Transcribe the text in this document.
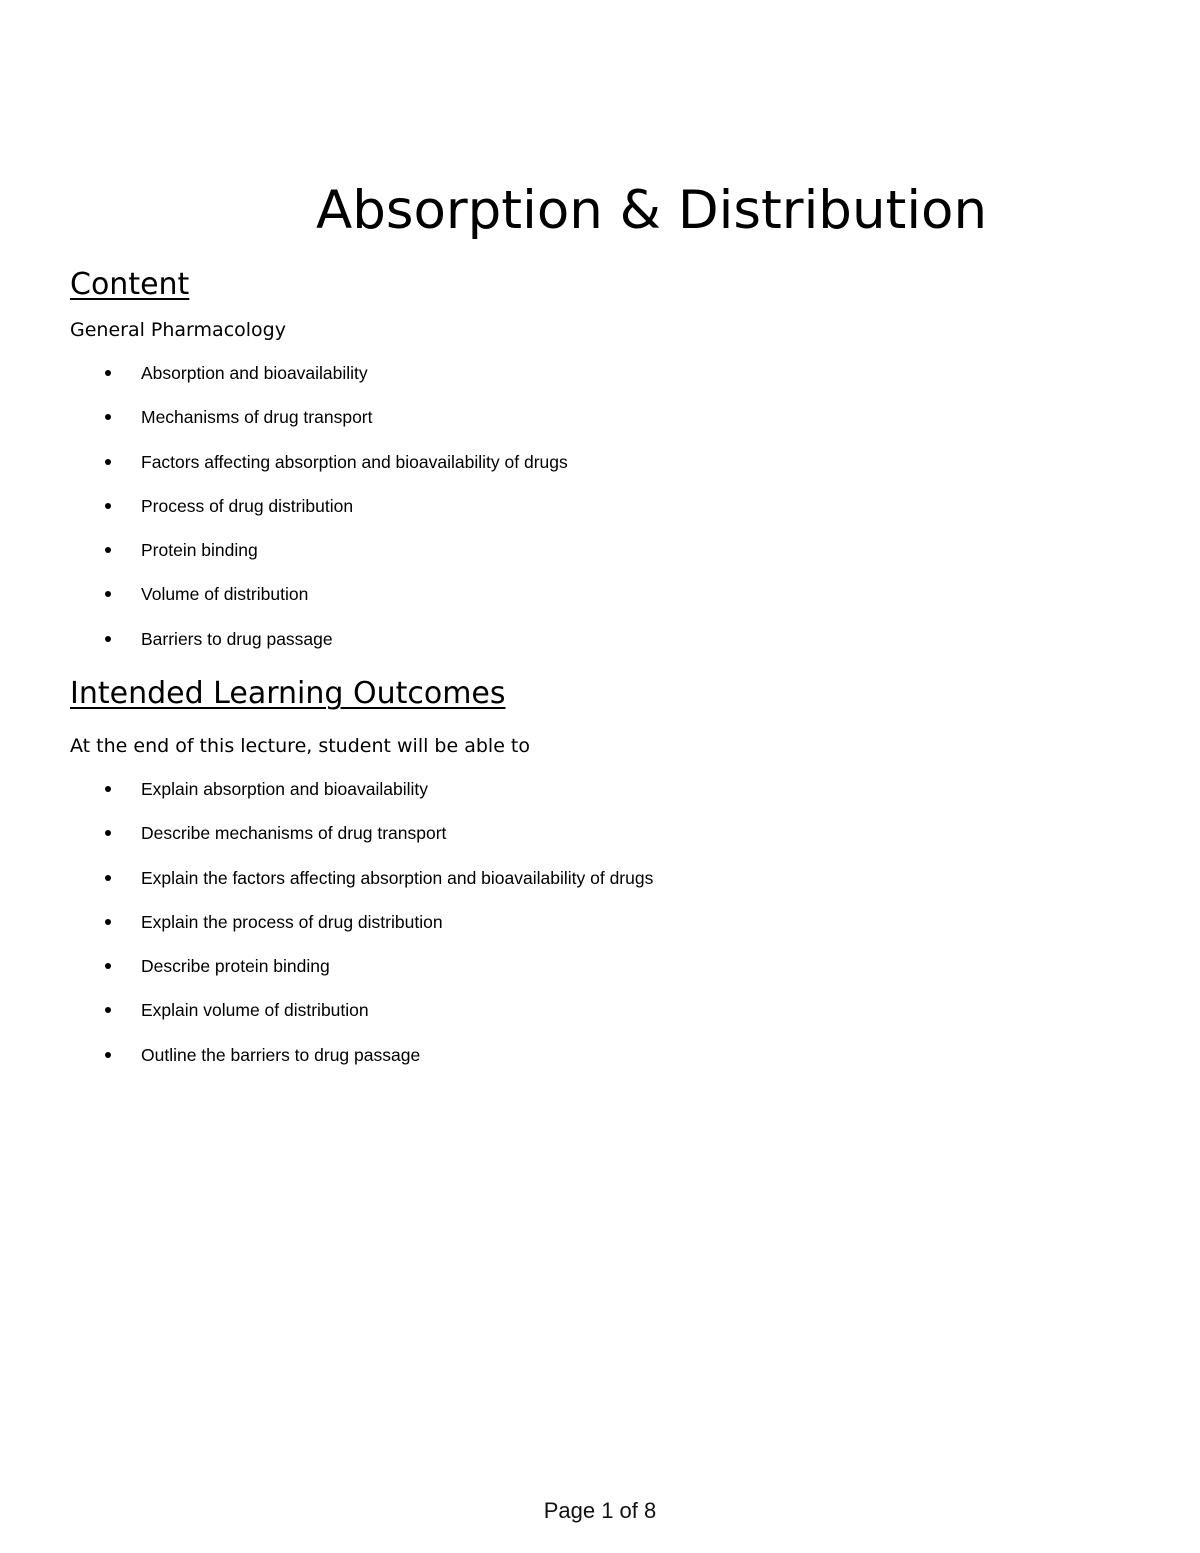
Absorption & Distribution
Content

General Pharmacology

Absorption and bioavailability
Mechanisms of drug transport
Factors affecting absorption and bioavailability of drugs
Process of drug distribution
Protein binding
Volume of distribution
Barriers to drug passage
Intended Learning Outcomes

At the end of this lecture, student will be able to

Explain absorption and bioavailability
Describe mechanisms of drug transport
Explain the factors affecting absorption and bioavailability of drugs
Explain the process of drug distribution
Describe protein binding
Explain volume of distribution
Outline the barriers to drug passage
Page 1 of 8
